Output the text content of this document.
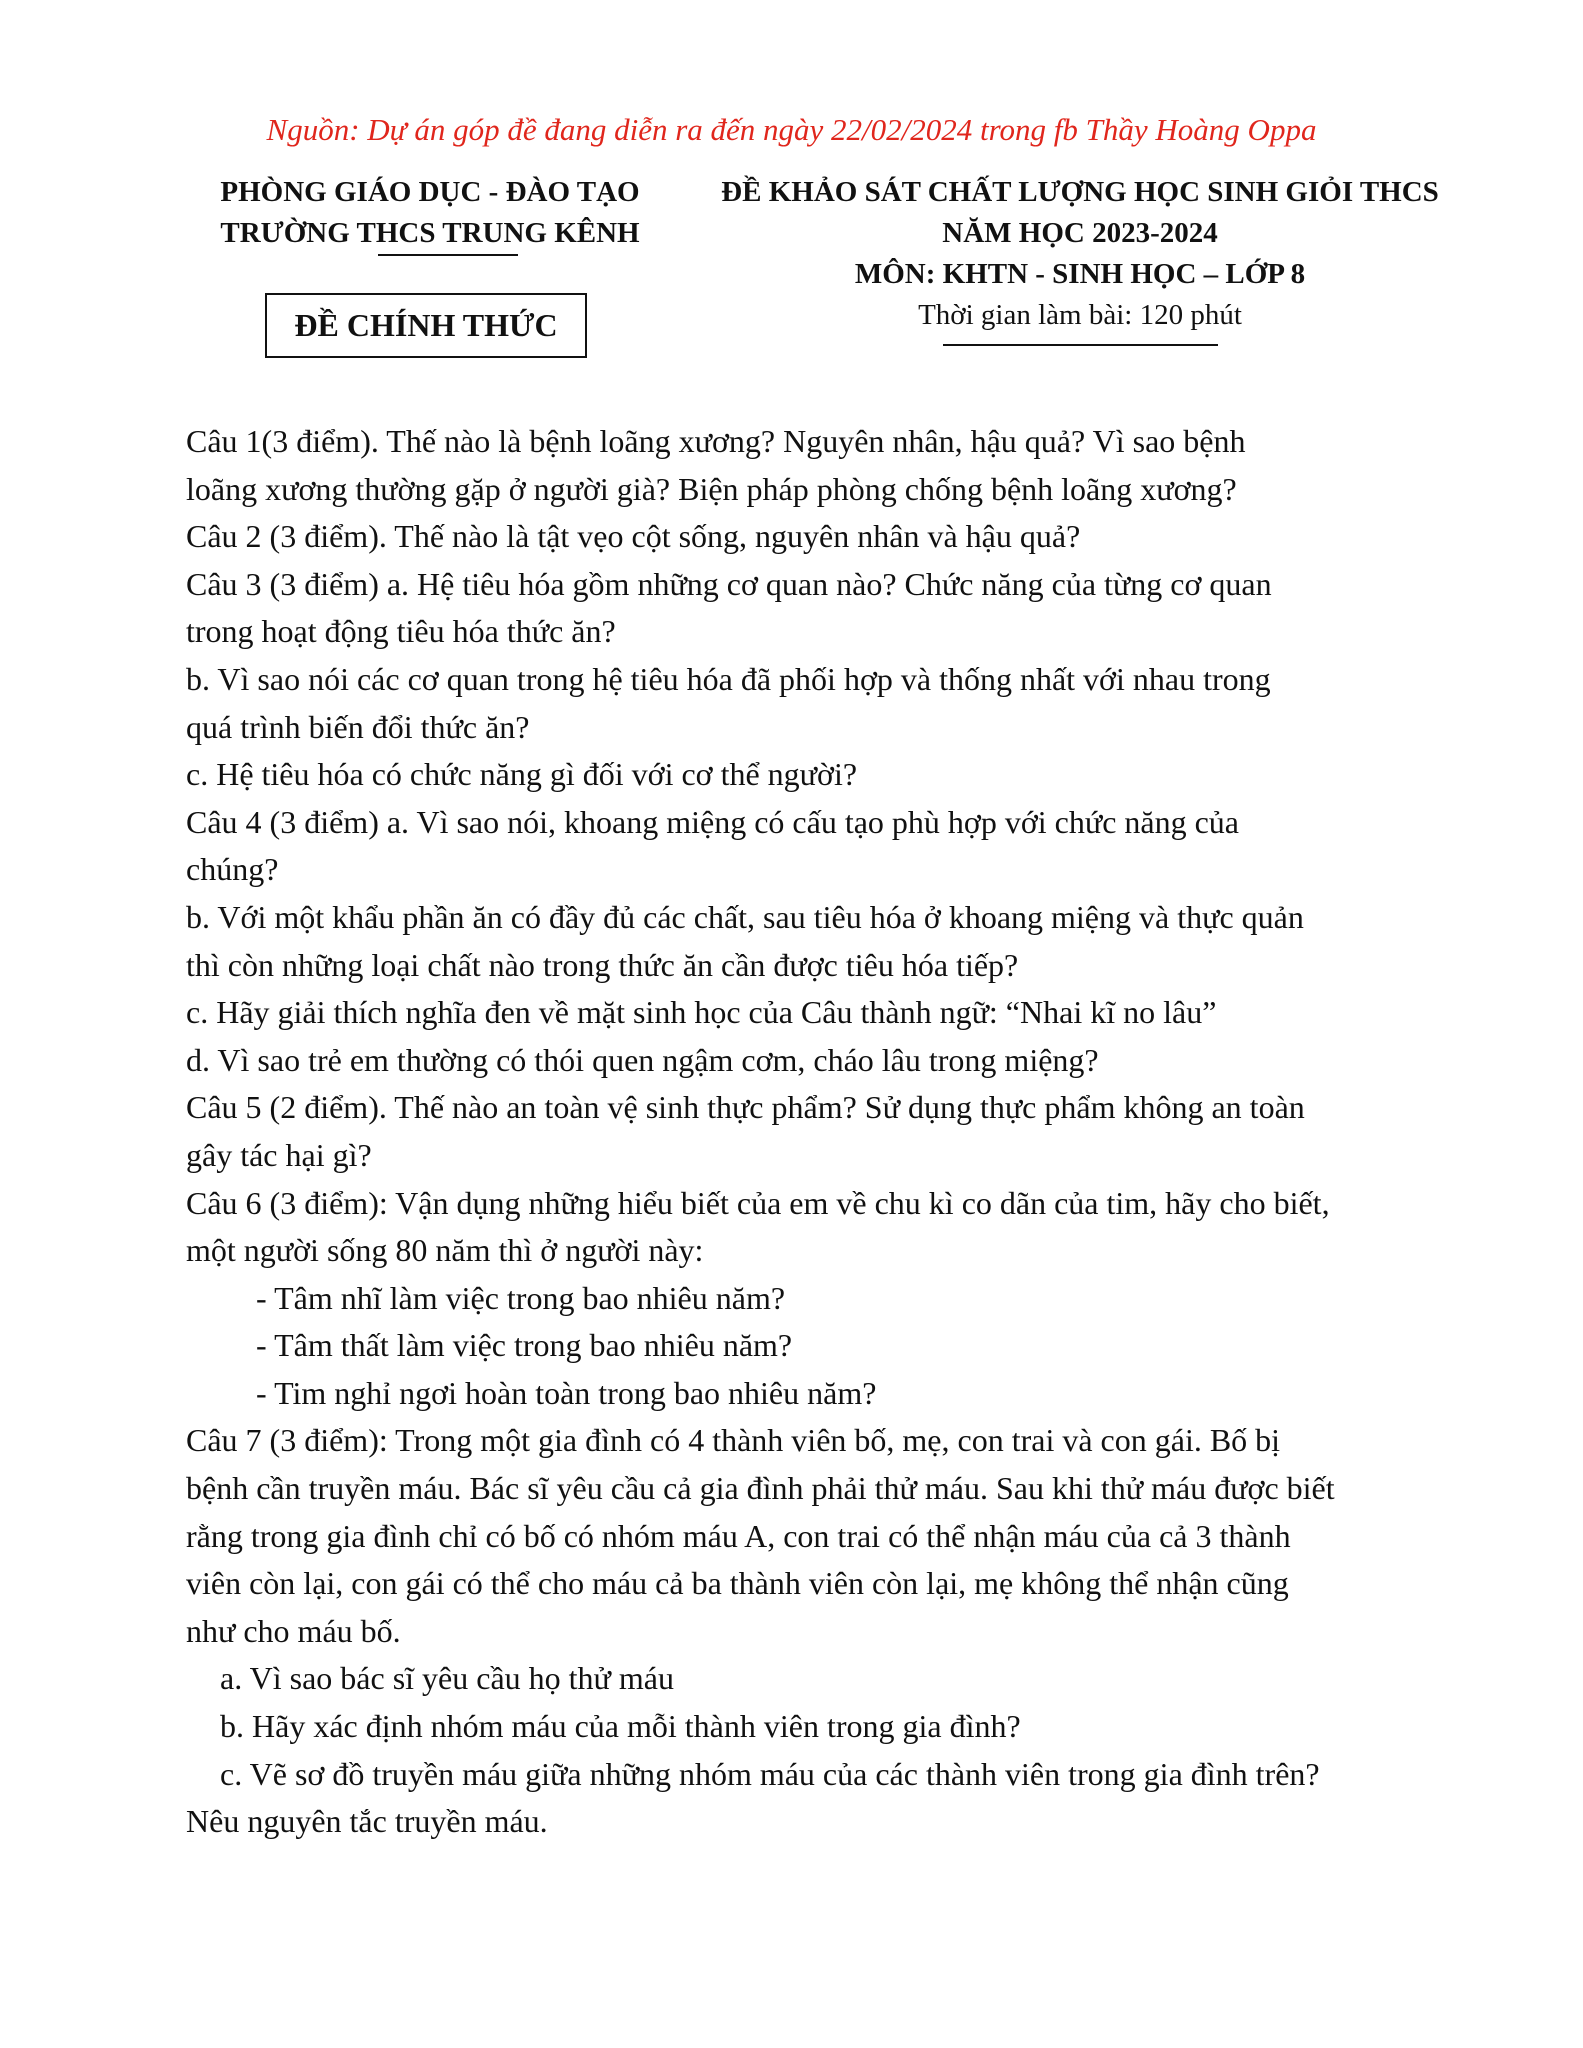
Nguồn: Dự án góp đề đang diễn ra đến ngày 22/02/2024 trong fb Thầy Hoàng Oppa
PHÒNG GIÁO DỤC - ĐÀO TẠO
TRƯỜNG THCS TRUNG KÊNH
ĐỀ CHÍNH THỨC
ĐỀ KHẢO SÁT CHẤT LƯỢNG HỌC SINH GIỎI THCS
NĂM HỌC 2023-2024
MÔN: KHTN - SINH HỌC – LỚP 8
Thời gian làm bài: 120 phút

Câu 1(3 điểm). Thế nào là bệnh loãng xương? Nguyên nhân, hậu quả? Vì sao bệnh

loãng xương thường gặp ở người già? Biện pháp phòng chống bệnh loãng xương?

Câu 2 (3 điểm). Thế nào là tật vẹo cột sống, nguyên nhân và hậu quả?

Câu 3 (3 điểm) a. Hệ tiêu hóa gồm những cơ quan nào? Chức năng của từng cơ quan

trong hoạt động tiêu hóa thức ăn?

b. Vì sao nói các cơ quan trong hệ tiêu hóa đã phối hợp và thống nhất với nhau trong

quá trình biến đổi thức ăn?

c. Hệ tiêu hóa có chức năng gì đối với cơ thể người?

Câu 4 (3 điểm) a. Vì sao nói, khoang miệng có cấu tạo phù hợp với chức năng của

chúng?

b. Với một khẩu phần ăn có đầy đủ các chất, sau tiêu hóa ở khoang miệng và thực quản

thì còn những loại chất nào trong thức ăn cần được tiêu hóa tiếp?

c. Hãy giải thích nghĩa đen về mặt sinh học của Câu thành ngữ: “Nhai kĩ no lâu”

d. Vì sao trẻ em thường có thói quen ngậm cơm, cháo lâu trong miệng?

Câu 5 (2 điểm). Thế nào an toàn vệ sinh thực phẩm? Sử dụng thực phẩm không an toàn

gây tác hại gì?

Câu 6 (3 điểm): Vận dụng những hiểu biết của em về chu kì co dãn của tim, hãy cho biết,

một người sống 80 năm thì ở người này:

- Tâm nhĩ làm việc trong bao nhiêu năm?

- Tâm thất làm việc trong bao nhiêu năm?

- Tim nghỉ ngơi hoàn toàn trong bao nhiêu năm?

Câu 7 (3 điểm): Trong một gia đình có 4 thành viên bố, mẹ, con trai và con gái. Bố bị

bệnh cần truyền máu. Bác sĩ yêu cầu cả gia đình phải thử máu. Sau khi thử máu được biết

rằng trong gia đình chỉ có bố có nhóm máu A, con trai có thể nhận máu của cả 3 thành

viên còn lại, con gái có thể cho máu cả ba thành viên còn lại, mẹ không thể nhận cũng

như cho máu bố.

a. Vì sao bác sĩ yêu cầu họ thử máu

b. Hãy xác định nhóm máu của mỗi thành viên trong gia đình?

c. Vẽ sơ đồ truyền máu giữa những nhóm máu của các thành viên trong gia đình trên?

Nêu nguyên tắc truyền máu.
